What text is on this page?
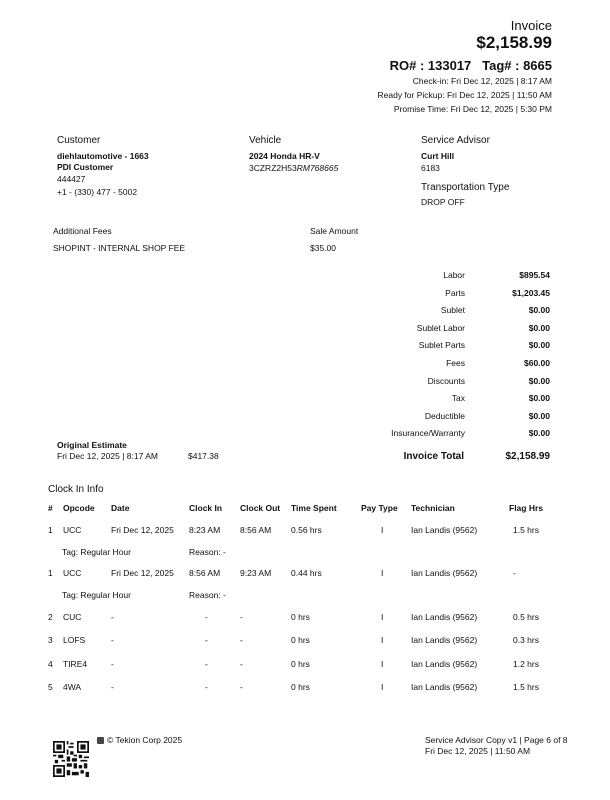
Invoice
$2,158.99
RO# : 133017 Tag# : 8665
Check-in: Fri Dec 12, 2025 | 8:17 AM
Ready for Pickup: Fri Dec 12, 2025 | 11:50 AM
Promise Time: Fri Dec 12, 2025 | 5:30 PM
Customer
diehlautomotive - 1663
PDI Customer
444427
+1 - (330) 477 - 5002
Vehicle
2024 Honda HR-V
3CZRZ2H53RM768665
Service Advisor
Curt Hill
6183
Transportation Type
DROP OFF
Additional Fees	Sale Amount
SHOPINT - INTERNAL SHOP FEE	$35.00
Labor	$895.54
Parts	$1,203.45
Sublet	$0.00
Sublet Labor	$0.00
Sublet Parts	$0.00
Fees	$60.00
Discounts	$0.00
Tax	$0.00
Deductible	$0.00
Insurance/Warranty	$0.00
Invoice Total	$2,158.99
Original Estimate
Fri Dec 12, 2025 | 8:17 AM	$417.38
Clock In Info
#	Opcode	Date	Clock In	Clock Out	Time Spent	Pay Type	Technician	Flag Hrs
1	UCC	Fri Dec 12, 2025	8:23 AM	8:56 AM	0.56 hrs	I	Ian Landis (9562)	1.5 hrs
Tag: Regular Hour			Reason: -					
1	UCC	Fri Dec 12, 2025	8:56 AM	9:23 AM	0.44 hrs	I	Ian Landis (9562)	-
Tag: Regular Hour			Reason: -					
2	CUC	-	-	-	0 hrs	I	Ian Landis (9562)	0.5 hrs
3	LOFS	-	-	-	0 hrs	I	Ian Landis (9562)	0.3 hrs
4	TIRE4	-	-	-	0 hrs	I	Ian Landis (9562)	1.2 hrs
5	4WA	-	-	-	0 hrs	I	Ian Landis (9562)	1.5 hrs
© Tekion Corp 2025	Service Advisor Copy v1 | Page 6 of 8
Fri Dec 12, 2025 | 11:50 AM
